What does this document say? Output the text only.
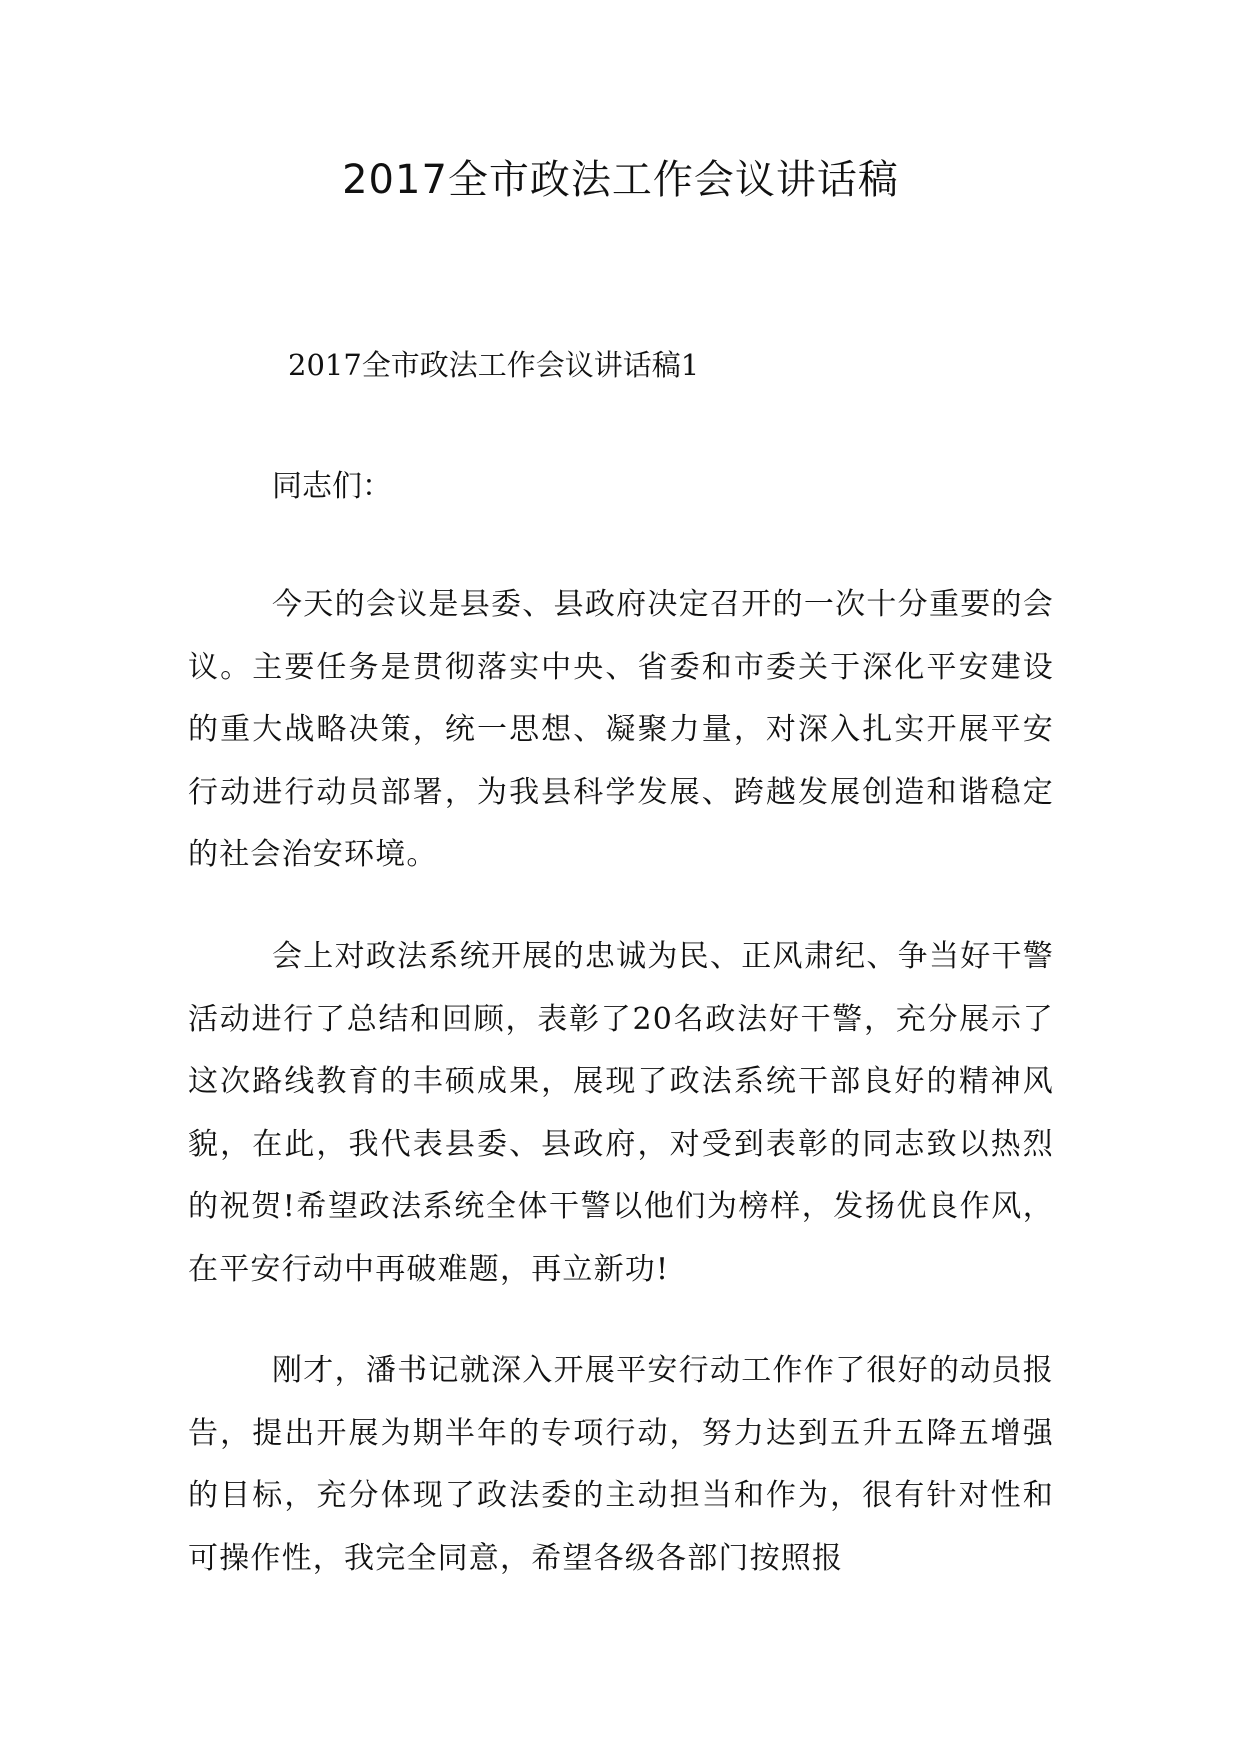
2017全市政法工作会议讲话稿

2017全市政法工作会议讲话稿1

同志们：

今天的会议是县委、县政府决定召开的一次十分重要的会议。主要任务是贯彻落实中央、省委和市委关于深化平安建设的重大战略决策，统一思想、凝聚力量，对深入扎实开展平安行动进行动员部署，为我县科学发展、跨越发展创造和谐稳定的社会治安环境。

会上对政法系统开展的忠诚为民、正风肃纪、争当好干警活动进行了总结和回顾，表彰了20名政法好干警，充分展示了这次路线教育的丰硕成果，展现了政法系统干部良好的精神风貌，在此，我代表县委、县政府，对受到表彰的同志致以热烈的祝贺!希望政法系统全体干警以他们为榜样，发扬优良作风，在平安行动中再破难题，再立新功!

刚才，潘书记就深入开展平安行动工作作了很好的动员报告，提出开展为期半年的专项行动，努力达到五升五降五增强的目标，充分体现了政法委的主动担当和作为，很有针对性和可操作性，我完全同意，希望各级各部门按照报
